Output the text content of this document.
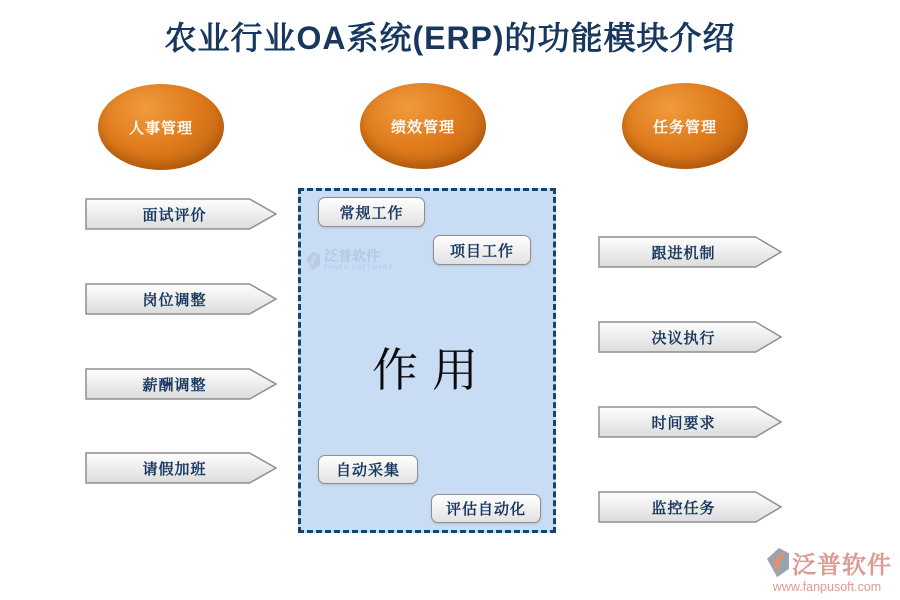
农业行业OA系统(ERP)的功能模块介绍
人事管理	绩效管理	任务管理
面试评价
岗位调整
薪酬调整
请假加班
跟进机制
决议执行
时间要求
监控任务
常规工作
项目工作
泛普软件
FANPU SOFTWARE
作用
自动采集
评估自动化
泛普软件
www.fanpusoft.com
